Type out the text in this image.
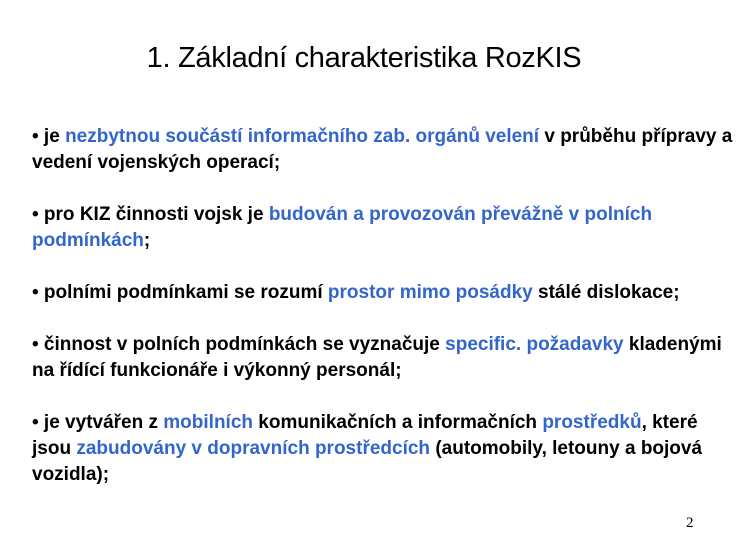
1. Základní charakteristika RozKIS
• je nezbytnou součástí informačního zab. orgánů velení v průběhu přípravy a vedení vojenských operací;
• pro KIZ činnosti vojsk je budován a provozován převážně v polních podmínkách;
• polními podmínkami se rozumí prostor mimo posádky stálé dislokace;
• činnost v polních podmínkách se vyznačuje specific. požadavky kladenými na řídící funkcionáře i výkonný personál;
• je vytvářen z mobilních komunikačních a informačních prostředků, které jsou zabudovány v dopravních prostředcích (automobily, letouny a bojová vozidla);
2
